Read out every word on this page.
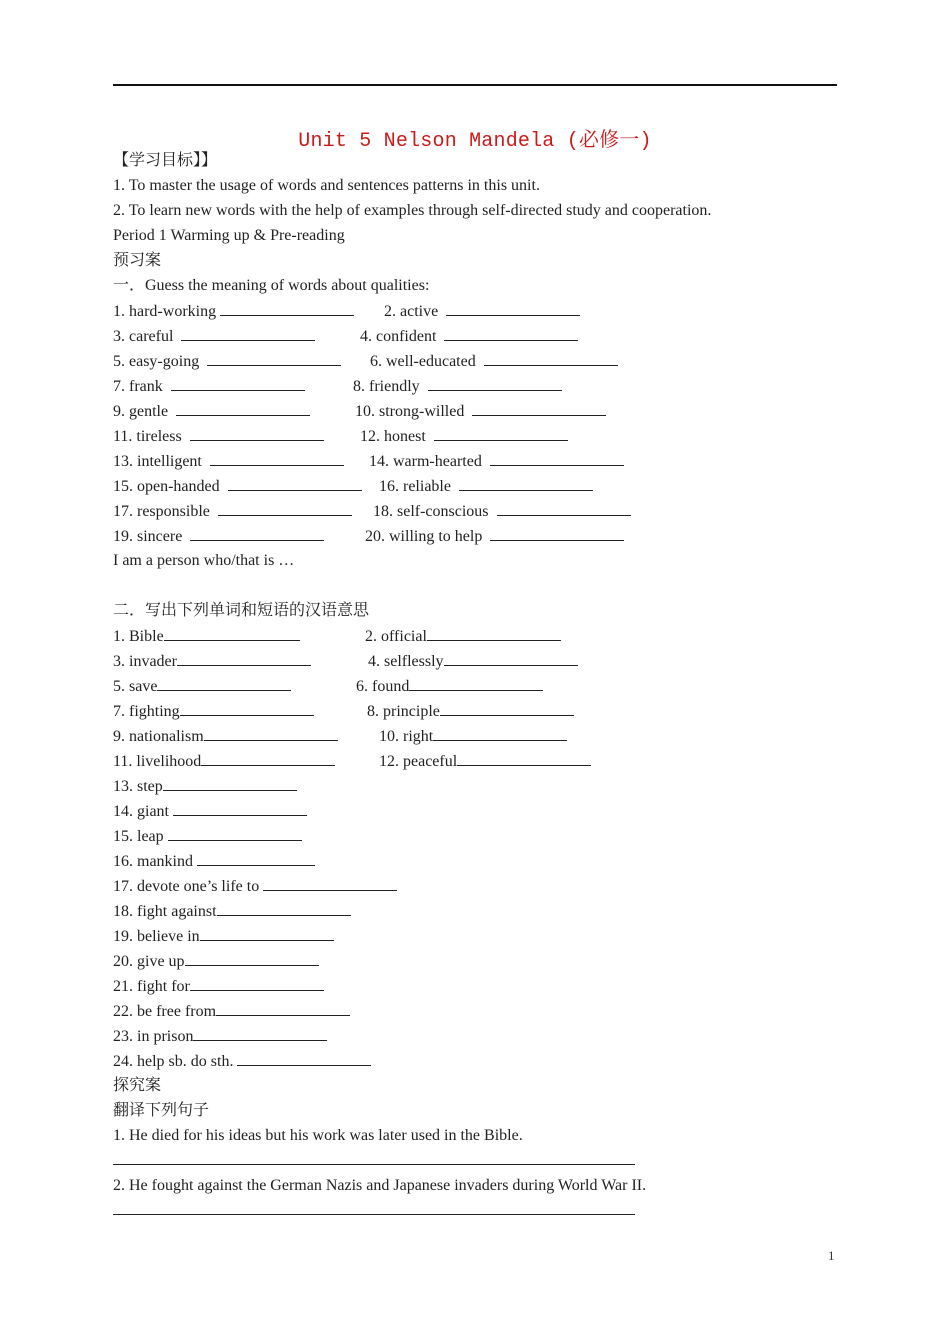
Unit 5 Nelson Mandela (必修一)
【学习目标】】
1. To master the usage of words and sentences patterns in this unit.
2. To learn new words with the help of examples through self-directed study and cooperation.
Period 1 Warming up & Pre-reading
预习案
一．Guess the meaning of words about qualities:
1. hard-working	2. active
3. careful	4. confident
5. easy-going	6. well-educated
7. frank	8. friendly
9. gentle	10. strong-willed
11. tireless	12. honest
13. intelligent	14. warm-hearted
15. open-handed	16. reliable
17. responsible	18. self-conscious
19. sincere	20. willing to help
I am a person who/that is …
二．写出下列单词和短语的汉语意思
1. Bible	2. official
3. invader	4. selflessly
5. save	6. found
7. fighting	8. principle
9. nationalism	10. right
11. livelihood	12. peaceful
13. step
14. giant
15. leap
16. mankind
17. devote one’s life to
18. fight against
19. believe in
20. give up
21. fight for
22. be free from
23. in prison
24. help sb. do sth.
探究案
翻译下列句子
1. He died for his ideas but his work was later used in the Bible.
2. He fought against the German Nazis and Japanese invaders during World War II.
1
